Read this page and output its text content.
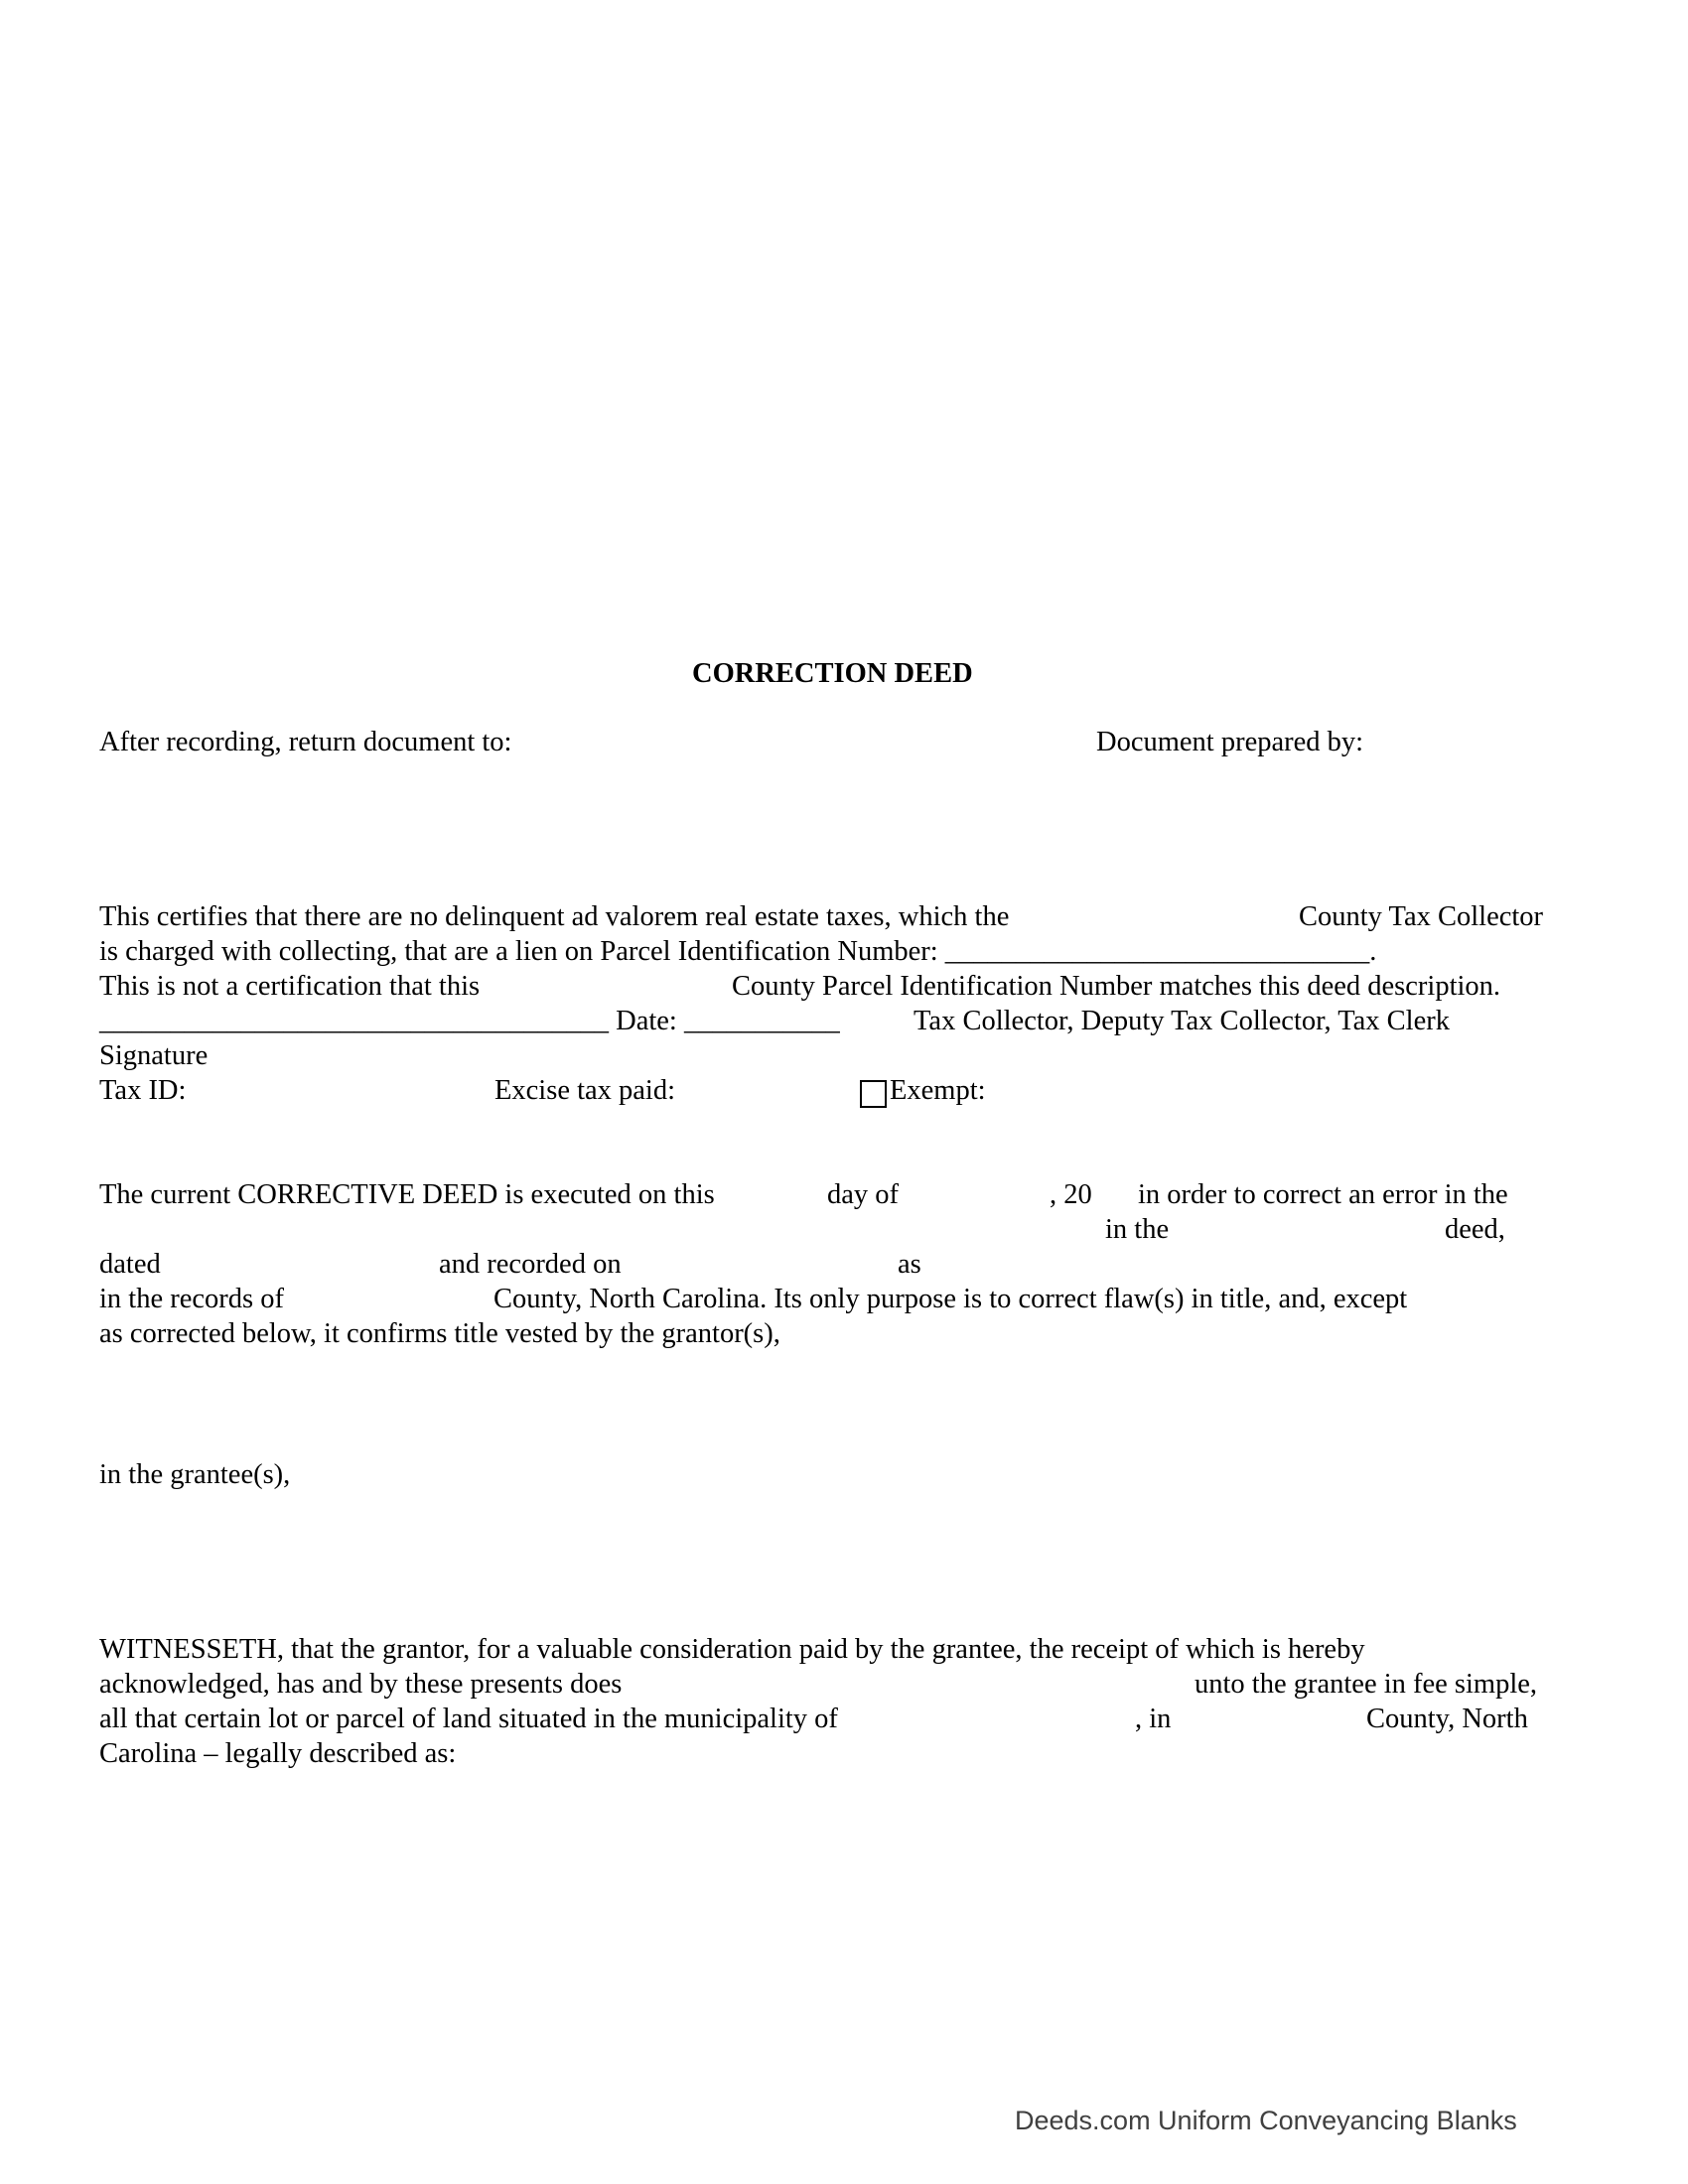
CORRECTION DEED
After recording, return document to:	Document prepared by:
This certifies that there are no delinquent ad valorem real estate taxes, which the	County Tax Collector
is charged with collecting, that are a lien on Parcel Identification Number: ______________________________.
This is not a certification that this	County Parcel Identification Number matches this deed description.
____________________________________ Date: ___________	Tax Collector, Deputy Tax Collector, Tax Clerk
Signature
Tax ID:	Excise tax paid:	Exempt:
The current CORRECTIVE DEED is executed on this	day of	, 20 in order to correct an error in the
in the	deed,
dated	and recorded on	as
in the records of	County, North Carolina. Its only purpose is to correct flaw(s) in title, and, except
as corrected below, it confirms title vested by the grantor(s),
in the grantee(s),
WITNESSETH, that the grantor, for a valuable consideration paid by the grantee, the receipt of which is hereby
acknowledged, has and by these presents does	unto the grantee in fee simple,
all that certain lot or parcel of land situated in the municipality of	, in	County, North
Carolina – legally described as:
Deeds.com Uniform Conveyancing Blanks
